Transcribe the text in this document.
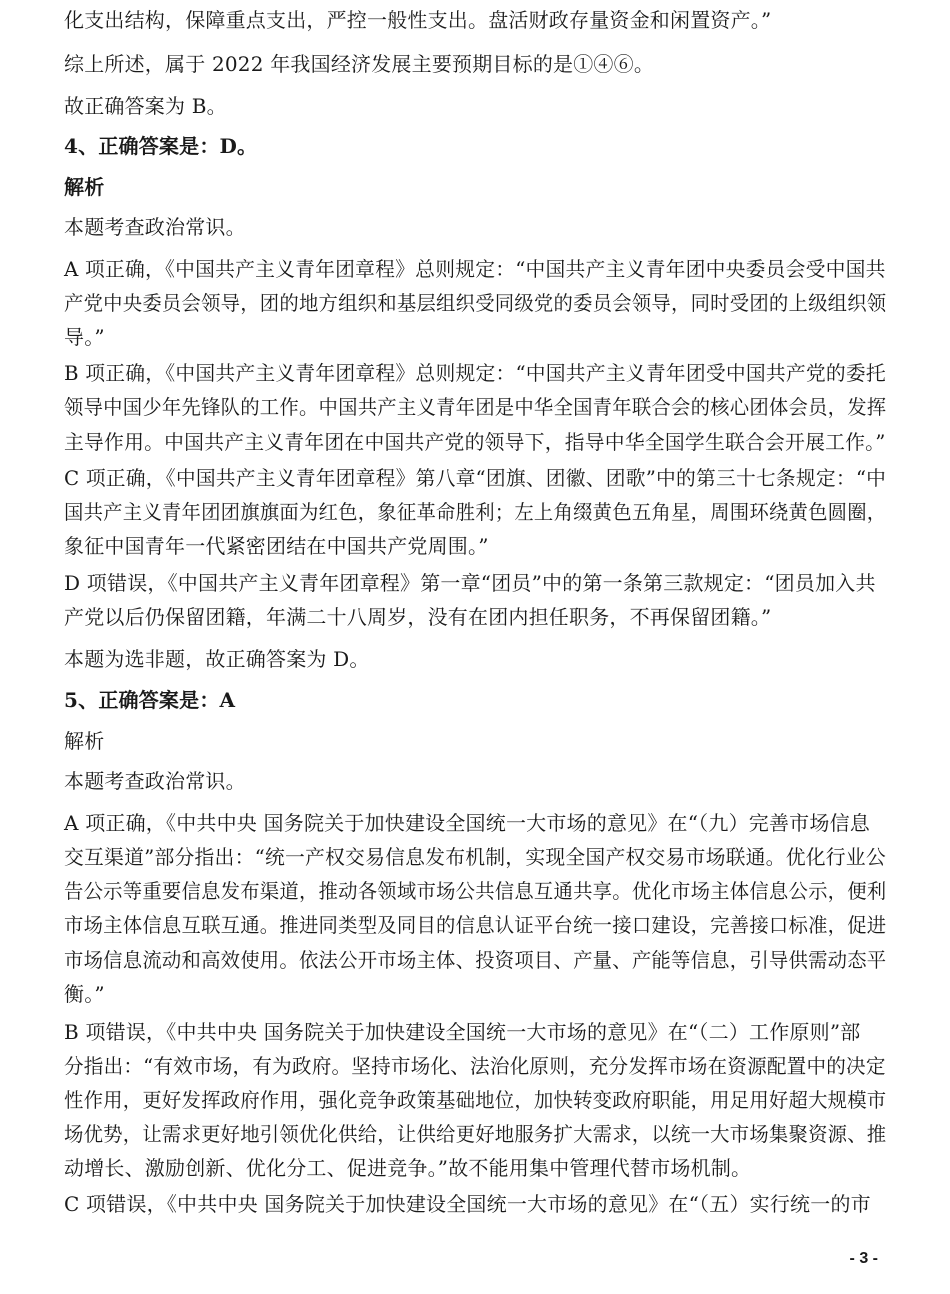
化支出结构，保障重点支出，严控一般性支出。盘活财政存量资金和闲置资产。”
综上所述，属于 2022 年我国经济发展主要预期目标的是①④⑥。
故正确答案为 B。
4、正确答案是：D。
解析
本题考查政治常识。
A 项正确，《中国共产主义青年团章程》总则规定：“中国共产主义青年团中央委员会受中国共
产党中央委员会领导，团的地方组织和基层组织受同级党的委员会领导，同时受团的上级组织领
导。”
B 项正确，《中国共产主义青年团章程》总则规定：“中国共产主义青年团受中国共产党的委托
领导中国少年先锋队的工作。中国共产主义青年团是中华全国青年联合会的核心团体会员，发挥
主导作用。中国共产主义青年团在中国共产党的领导下，指导中华全国学生联合会开展工作。”
C 项正确，《中国共产主义青年团章程》第八章“团旗、团徽、团歌”中的第三十七条规定：“中
国共产主义青年团团旗旗面为红色，象征革命胜利；左上角缀黄色五角星，周围环绕黄色圆圈，
象征中国青年一代紧密团结在中国共产党周围。”
D 项错误，《中国共产主义青年团章程》第一章“团员”中的第一条第三款规定：“团员加入共
产党以后仍保留团籍，年满二十八周岁，没有在团内担任职务，不再保留团籍。”
本题为选非题，故正确答案为 D。
5、正确答案是：A
解析
本题考查政治常识。
A 项正确，《中共中央 国务院关于加快建设全国统一大市场的意见》在“（九）完善市场信息
交互渠道”部分指出：“统一产权交易信息发布机制，实现全国产权交易市场联通。优化行业公
告公示等重要信息发布渠道，推动各领域市场公共信息互通共享。优化市场主体信息公示，便利
市场主体信息互联互通。推进同类型及同目的信息认证平台统一接口建设，完善接口标准，促进
市场信息流动和高效使用。依法公开市场主体、投资项目、产量、产能等信息，引导供需动态平
衡。”
B 项错误，《中共中央 国务院关于加快建设全国统一大市场的意见》在“（二）工作原则”部
分指出：“有效市场，有为政府。坚持市场化、法治化原则，充分发挥市场在资源配置中的决定
性作用，更好发挥政府作用，强化竞争政策基础地位，加快转变政府职能，用足用好超大规模市
场优势，让需求更好地引领优化供给，让供给更好地服务扩大需求，以统一大市场集聚资源、推
动增长、激励创新、优化分工、促进竞争。”故不能用集中管理代替市场机制。
C 项错误，《中共中央 国务院关于加快建设全国统一大市场的意见》在“（五）实行统一的市
- 3 -
